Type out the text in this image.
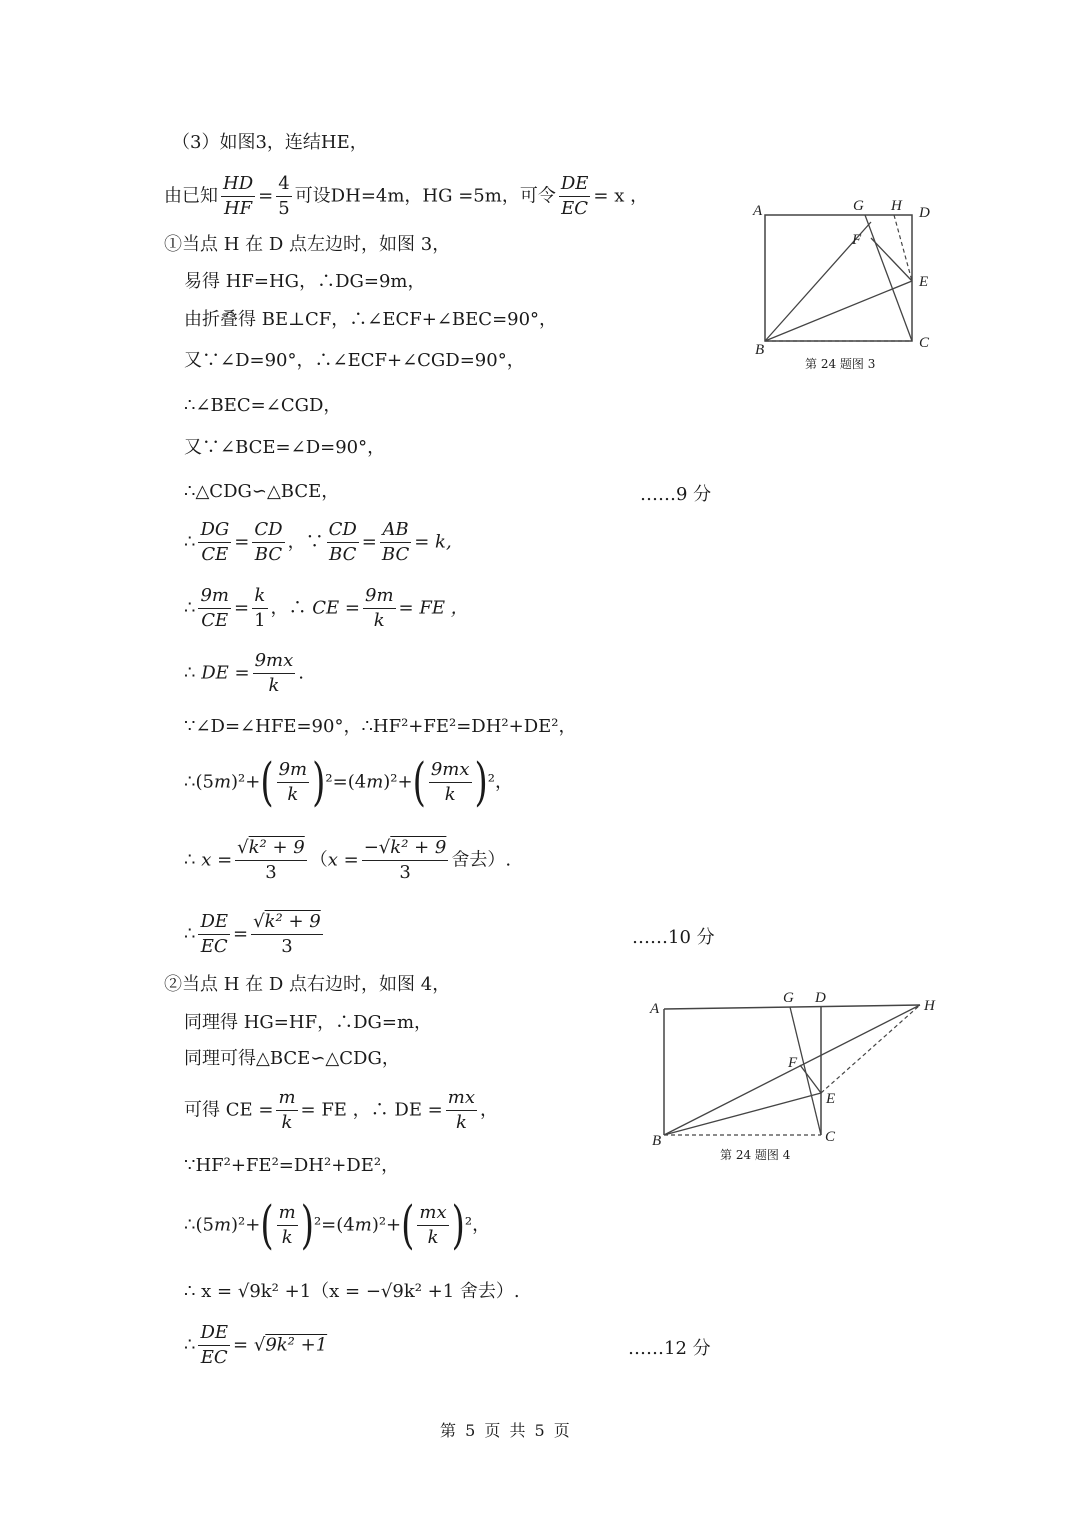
（3）如图3，连结HE，
由已知 $\frac{HD}{HF} = \frac{4}{5}$ 可设DH=4m，HG =5m，可令 $\frac{DE}{EC} = x$ ，
①当点 H 在 D 点左边时，如图 3，
易得 HF=HG，∴DG=9m，
由折叠得 BE⊥CF，∴∠ECF+∠BEC=90°，
又∵∠D=90°，∴∠ECF+∠CGD=90°，
∴∠BEC=∠CGD，
又∵∠BCE=∠D=90°，
∴△CDG∽△BCE，	……9 分
∴ $\frac{DG}{CE} = \frac{CD}{BC}$ ，∵ $\frac{CD}{BC} = \frac{AB}{BC} = k$,
∴ $\frac{9m}{CE} = \frac{k}{1}$ ，∴ CE = $\frac{9m}{k}$ = FE ，
∴ DE = $\frac{9mx}{k}$ .
∵∠D=∠HFE=90°，∴HF²+FE²=DH²+DE²，
∴(5m)²+( $\frac{9m}{k} )^2=(4m)^2+( \frac{9mx}{k} )^2$，
∴ $x = \frac{\text{√k² + 9}}{3} (x = \frac{\text{−√k² + 9}}{3}$ 舍去）.
∴ $\frac{DE}{EC} = \frac{\text{√k² + 9}}{3}$	……10 分
②当点 H 在 D 点右边时，如图 4，
同理得 HG=HF，∴DG=m，
同理可得△BCE∽△CDG，
可得 CE = $\frac{m}{k}$ = FE ，∴ DE = $\frac{mx}{k}$ ，
∵HF²+FE²=DH²+DE²，
∴(5m)²+( $\frac{m}{k} )^2=(4m)^2+( \frac{mx}{k} )^2$，
∴ x = √9k² +1（x = −√9k² +1 舍去）.
∴ $\frac{DE}{EC} = √9k^2 +1$	……12 分
A	G H D
F
E
B	C
第 24 题图 3
A
G D	H
F
E
B	C
第 24 题图 4
第 5 页 共 5 页
